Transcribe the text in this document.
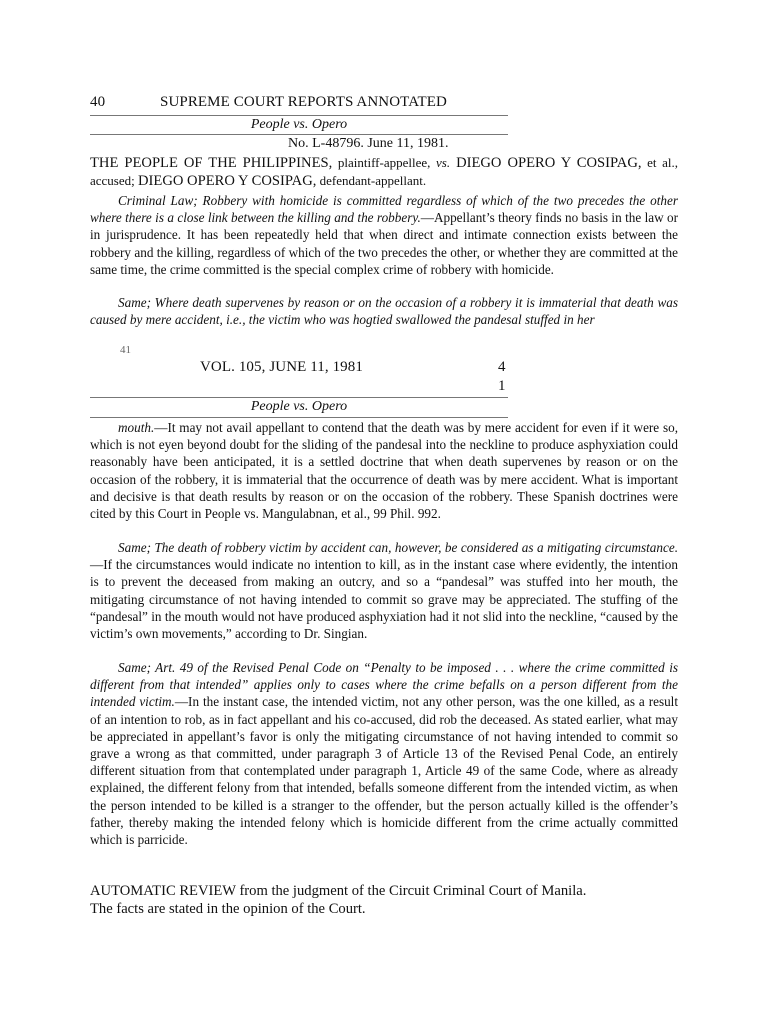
40	SUPREME COURT REPORTS ANNOTATED
People vs. Opero
No. L-48796. June 11, 1981.

THE PEOPLE OF THE PHILIPPINES, plaintiff-appellee, vs. DIEGO OPERO Y COSIPAG, et al., accused; DIEGO OPERO Y COSIPAG, defendant-appellant.

Criminal Law; Robbery with homicide is committed regardless of which of the two precedes the other where there is a close link between the killing and the robbery.—Appellant’s theory finds no basis in the law or in jurisprudence. It has been repeatedly held that when direct and intimate connection exists between the robbery and the killing, regardless of which of the two precedes the other, or whether they are committed at the same time, the crime committed is the special complex crime of robbery with homicide.

Same; Where death supervenes by reason or on the occasion of a robbery it is immaterial that death was caused by mere accident, i.e., the victim who was hogtied swallowed the pandesal stuffed in her

41
VOL. 105, JUNE 11, 1981	4
1
People vs. Opero

mouth.—It may not avail appellant to contend that the death was by mere accident for even if it were so, which is not eyen beyond doubt for the sliding of the pandesal into the neckline to produce asphyxiation could reasonably have been anticipated, it is a settled doctrine that when death supervenes by reason or on the occasion of the robbery, it is immaterial that the occurrence of death was by mere accident. What is important and decisive is that death results by reason or on the occasion of the robbery. These Spanish doctrines were cited by this Court in People vs. Mangulabnan, et al., 99 Phil. 992.

Same; The death of robbery victim by accident can, however, be considered as a mitigating circumstance.—If the circumstances would indicate no intention to kill, as in the instant case where evidently, the intention is to prevent the deceased from making an outcry, and so a “pandesal” was stuffed into her mouth, the mitigating circumstance of not having intended to commit so grave may be appreciated. The stuffing of the “pandesal” in the mouth would not have produced asphyxiation had it not slid into the neckline, “caused by the victim’s own movements,” according to Dr. Singian.

Same; Art. 49 of the Revised Penal Code on “Penalty to be imposed . . . where the crime committed is different from that intended” applies only to cases where the crime befalls on a person different from the intended victim.—In the instant case, the intended victim, not any other person, was the one killed, as a result of an intention to rob, as in fact appellant and his co-accused, did rob the deceased. As stated earlier, what may be appreciated in appellant’s favor is only the mitigating circumstance of not having intended to commit so grave a wrong as that committed, under paragraph 3 of Article 13 of the Revised Penal Code, an entirely different situation from that contemplated under paragraph 1, Article 49 of the same Code, where as already explained, the different felony from that intended, befalls someone different from the intended victim, as when the person intended to be killed is a stranger to the offender, but the person actually killed is the offender’s father, thereby making the intended felony which is homicide different from the crime actually committed which is parricide.

AUTOMATIC REVIEW from the judgment of the Circuit Criminal Court of Manila.

The facts are stated in the opinion of the Court.
